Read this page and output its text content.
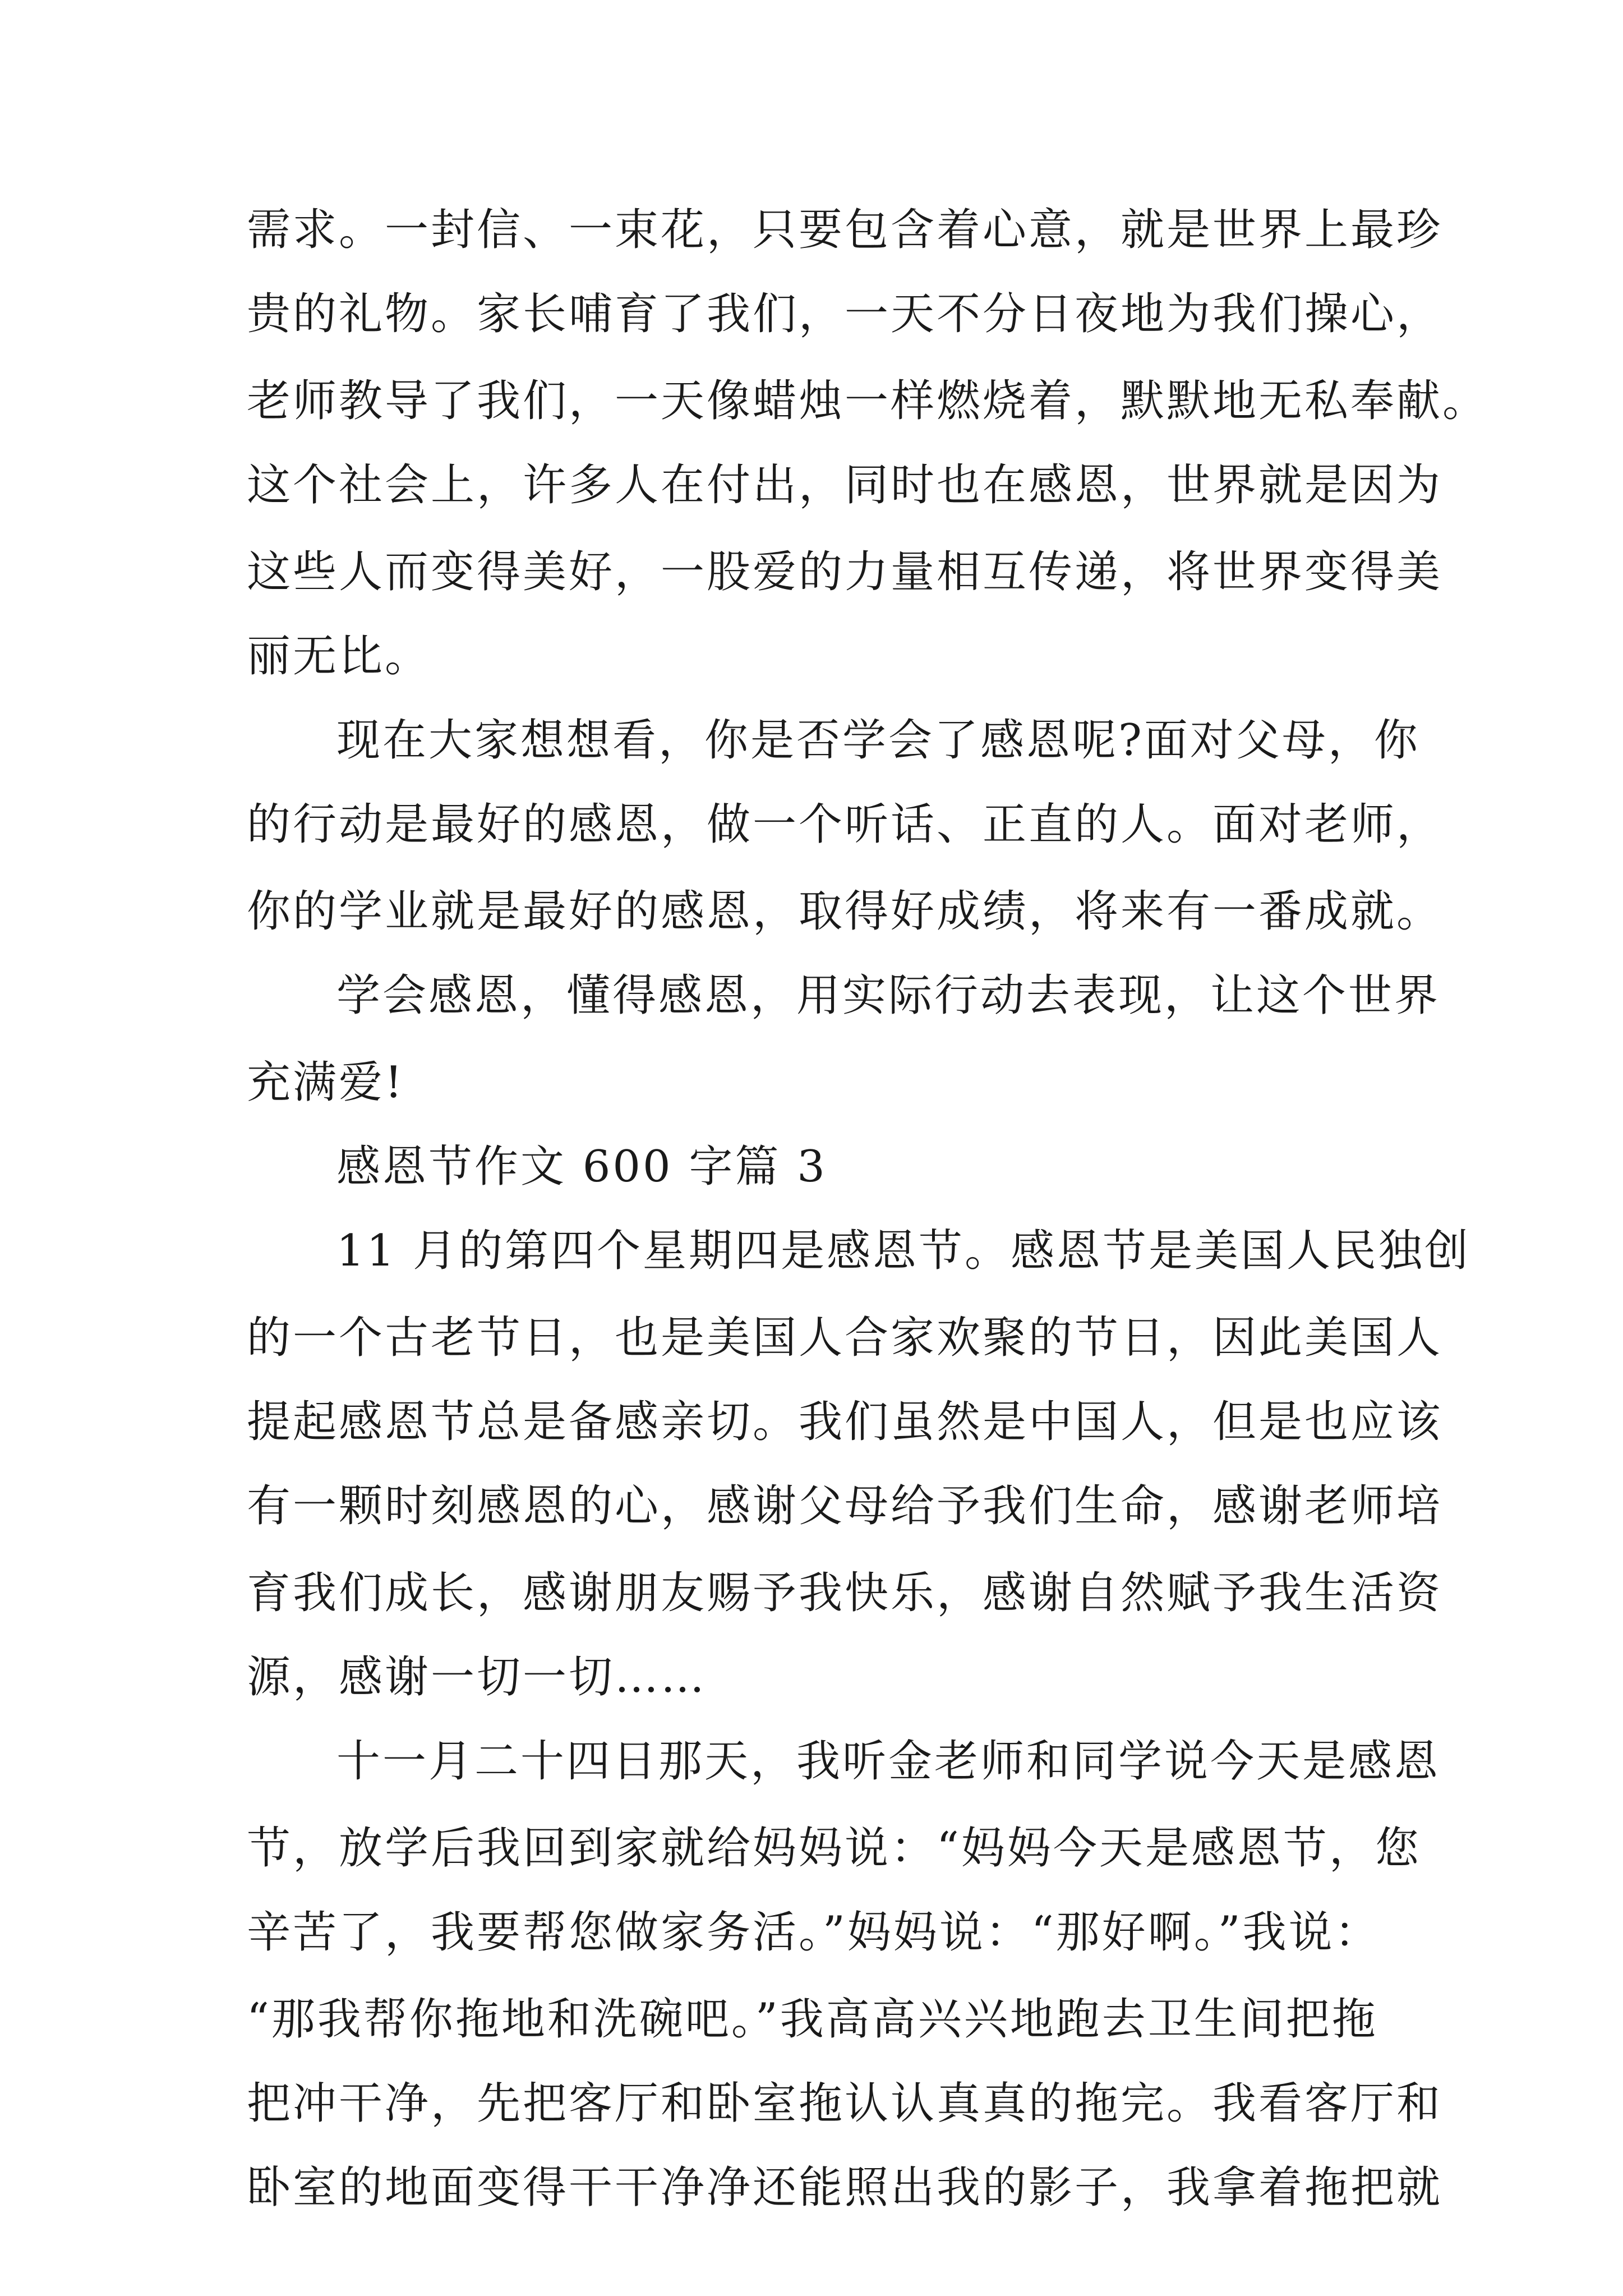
需求。一封信、一束花，只要包含着心意，就是世界上最珍
贵的礼物。家长哺育了我们，一天不分日夜地为我们操心，
老师教导了我们，一天像蜡烛一样燃烧着，默默地无私奉献。
这个社会上，许多人在付出，同时也在感恩，世界就是因为
这些人而变得美好，一股爱的力量相互传递，将世界变得美
丽无比。
现在大家想想看，你是否学会了感恩呢?面对父母，你
的行动是最好的感恩，做一个听话、正直的人。面对老师，
你的学业就是最好的感恩，取得好成绩，将来有一番成就。
学会感恩，懂得感恩，用实际行动去表现，让这个世界
充满爱!
感恩节作文 600 字篇 3
11 月的第四个星期四是感恩节。感恩节是美国人民独创
的一个古老节日，也是美国人合家欢聚的节日，因此美国人
提起感恩节总是备感亲切。我们虽然是中国人，但是也应该
有一颗时刻感恩的心，感谢父母给予我们生命，感谢老师培
育我们成长，感谢朋友赐予我快乐，感谢自然赋予我生活资
源，感谢一切一切……
十一月二十四日那天，我听金老师和同学说今天是感恩
节，放学后我回到家就给妈妈说：“妈妈今天是感恩节，您
辛苦了，我要帮您做家务活。”妈妈说：“那好啊。”我说：
“那我帮你拖地和洗碗吧。”我高高兴兴地跑去卫生间把拖
把冲干净，先把客厅和卧室拖认认真真的拖完。我看客厅和
卧室的地面变得干干净净还能照出我的影子，我拿着拖把就
